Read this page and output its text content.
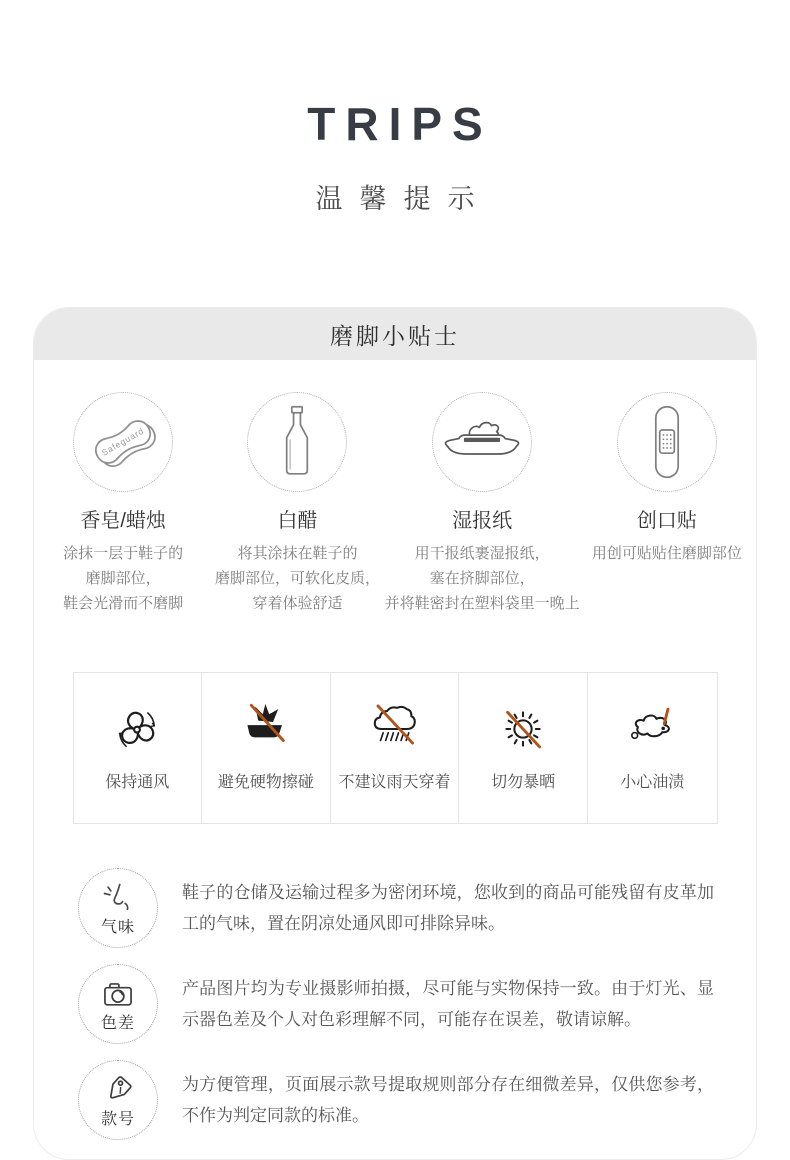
TRIPS
温馨提示
磨脚小贴士
Safeguard
香皂/蜡烛
涂抹一层于鞋子的
磨脚部位，
鞋会光滑而不磨脚
白醋
将其涂抹在鞋子的
磨脚部位，可软化皮质，
穿着体验舒适
湿报纸
用干报纸裹湿报纸，
塞在挤脚部位，
并将鞋密封在塑料袋里一晚上
创口贴
用创可贴贴住磨脚部位
保持通风	避免硬物擦碰 不建议雨天穿着	切勿暴晒	小心油渍
气味
鞋子的仓储及运输过程多为密闭环境，您收到的商品可能残留有皮革加工的气味，置在阴凉处通风即可排除异味。
色差
产品图片均为专业摄影师拍摄，尽可能与实物保持一致。由于灯光、显示器色差及个人对色彩理解不同，可能存在误差，敬请谅解。
款号
为方便管理，页面展示款号提取规则部分存在细微差异，仅供您参考，不作为判定同款的标准。
